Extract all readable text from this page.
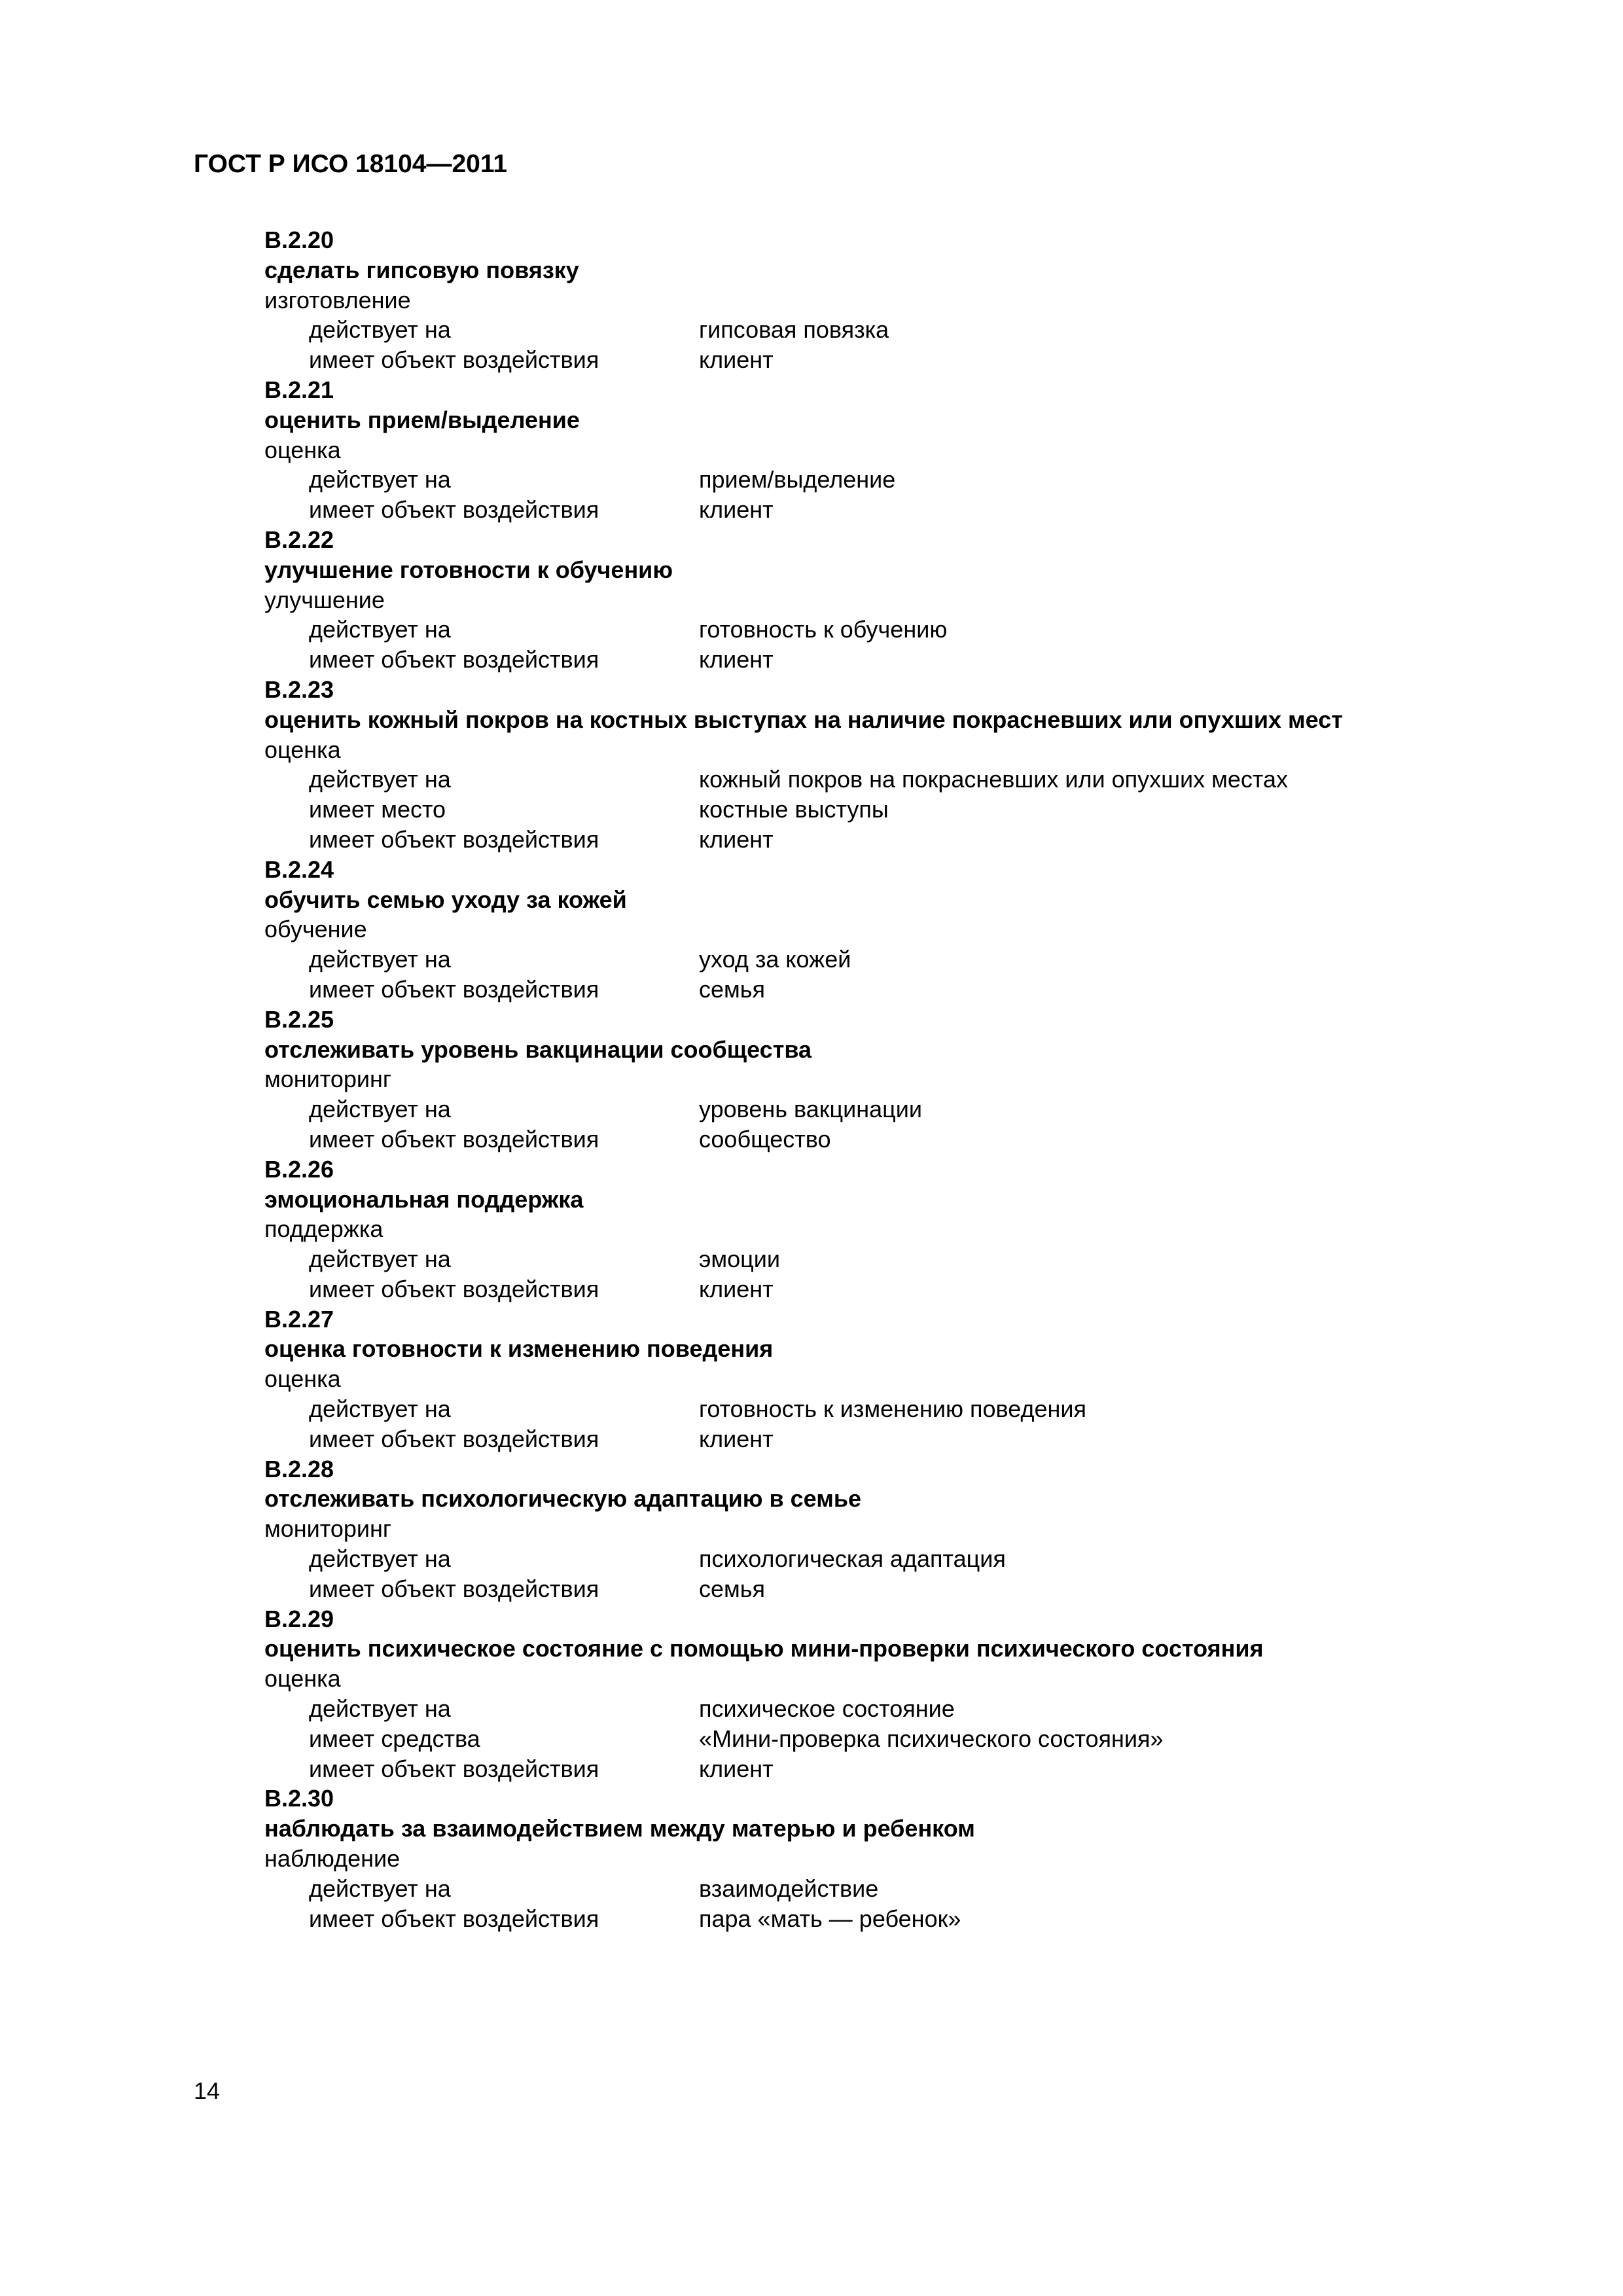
ГОСТ Р ИСО 18104—2011
B.2.20
сделать гипсовую повязку
изготовление
действует на	гипсовая повязка
имеет объект воздействия	клиент
B.2.21
оценить прием/выделение
оценка
действует на	прием/выделение
имеет объект воздействия	клиент
B.2.22
улучшение готовности к обучению
улучшение
действует на	готовность к обучению
имеет объект воздействия	клиент
B.2.23
оценить кожный покров на костных выступах на наличие покрасневших или опухших мест
оценка
действует на	кожный покров на покрасневших или опухших местах
имеет место	костные выступы
имеет объект воздействия	клиент
B.2.24
обучить семью уходу за кожей
обучение
действует на	уход за кожей
имеет объект воздействия	семья
B.2.25
отслеживать уровень вакцинации сообщества
мониторинг
действует на	уровень вакцинации
имеет объект воздействия	сообщество
B.2.26
эмоциональная поддержка
поддержка
действует на	эмоции
имеет объект воздействия	клиент
B.2.27
оценка готовности к изменению поведения
оценка
действует на	готовность к изменению поведения
имеет объект воздействия	клиент
B.2.28
отслеживать психологическую адаптацию в семье
мониторинг
действует на	психологическая адаптация
имеет объект воздействия	семья
B.2.29
оценить психическое состояние с помощью мини-проверки психического состояния
оценка
действует на	психическое состояние
имеет средства	«Мини-проверка психического состояния»
имеет объект воздействия	клиент
B.2.30
наблюдать за взаимодействием между матерью и ребенком
наблюдение
действует на	взаимодействие
имеет объект воздействия	пара «мать — ребенок»
14
